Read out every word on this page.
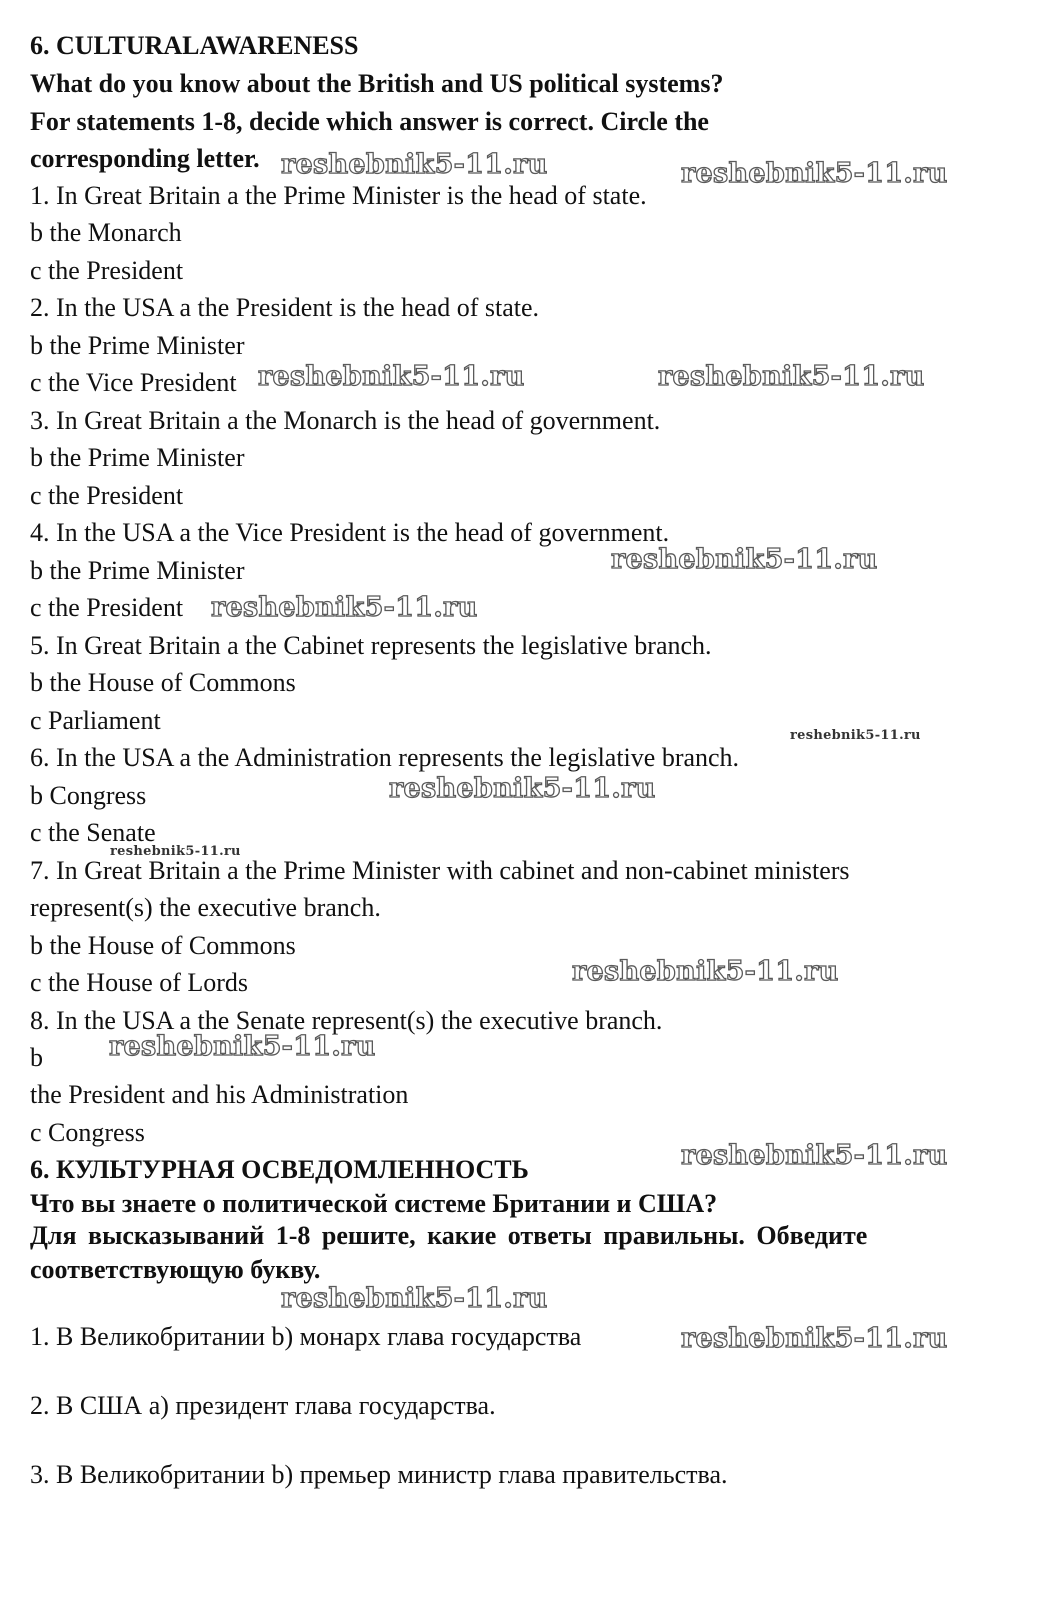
6. CULTURALAWARENESS
What do you know about the British and US political systems?
For statements 1-8, decide which answer is correct. Circle the
corresponding letter.
1. In Great Britain a the Prime Minister is the head of state.
b the Monarch
c the President
2. In the USA a the President is the head of state.
b the Prime Minister
c the Vice President
3. In Great Britain a the Monarch is the head of government.
b the Prime Minister
c the President
4. In the USA a the Vice President is the head of government.
b the Prime Minister
c the President
5. In Great Britain a the Cabinet represents the legislative branch.
b the House of Commons
c Parliament
6. In the USA a the Administration represents the legislative branch.
b Congress
c the Senate
7. In Great Britain a the Prime Minister with cabinet and non-cabinet ministers
represent(s) the executive branch.
b the House of Commons
c the House of Lords
8. In the USA a the Senate represent(s) the executive branch.
b
the President and his Administration
c Congress
6. КУЛЬТУРНАЯ ОСВЕДОМЛЕННОСТЬ
Что вы знаете о политической системе Британии и США?
Для высказываний 1-8 решите, какие ответы правильны. Обведите
соответствующую букву.
1. В Великобритании b) монарх глава государства
2. В США а) президент глава государства.
3. В Великобритании b) премьер министр глава правительства.
reshebnik5-11.ru	reshebnik5-11.ru
reshebnik5-11.ru	reshebnik5-11.ru
reshebnik5-11.ru
reshebnik5-11.ru
reshebnik5-11.ru
reshebnik5-11.ru
reshebnik5-11.ru
reshebnik5-11.ru
reshebnik5-11.ru
reshebnik5-11.ru
reshebnik5-11.ru
reshebnik5-11.ru
